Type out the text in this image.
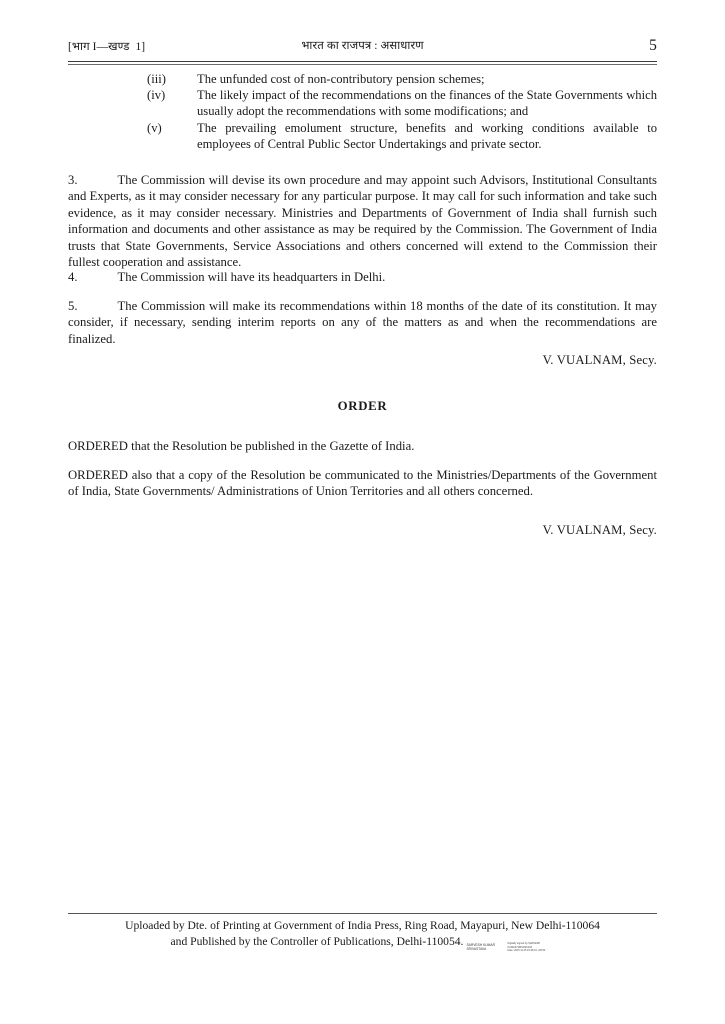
[भाग I—खण्ड  1]	भारत का राजपत्र : असाधारण	5
(iii)	The unfunded cost of non-contributory pension schemes;
(iv)	The likely impact of the recommendations on the finances of the State Governments which usually adopt the recommendations with some modifications; and
(v)	The prevailing emolument structure, benefits and working conditions available to employees of Central Public Sector Undertakings and private sector.

3.	The Commission will devise its own procedure and may appoint such Advisors, Institutional Consultants and Experts, as it may consider necessary for any particular purpose. It may call for such information and take such evidence, as it may consider necessary. Ministries and Departments of Government of India shall furnish such information and documents and other assistance as may be required by the Commission. The Government of India trusts that State Governments, Service Associations and others concerned will extend to the Commission their fullest cooperation and assistance.

4.	The Commission will have its headquarters in Delhi.

5.	The Commission will make its recommendations within 18 months of the date of its constitution. It may consider, if necessary, sending interim reports on any of the matters as and when the recommendations are finalized.

V. VUALNAM, Secy.
ORDER

ORDERED that the Resolution be published in the Gazette of India.

ORDERED also that a copy of the Resolution be communicated to the Ministries/Departments of the Government of India, State Governments/ Administrations of Union Territories and all others concerned.

V. VUALNAM, Secy.
Uploaded by Dte. of Printing at Government of India Press, Ring Road, Mayapuri, New Delhi-110064
and Published by the Controller of Publications, Delhi-110054. SARVESH KUMAR SRIVASTAVA
Digitally signed by SARVESH
KUMAR SRIVASTAVA
Date: 2015.11.25 15:36:16 +05'30'
